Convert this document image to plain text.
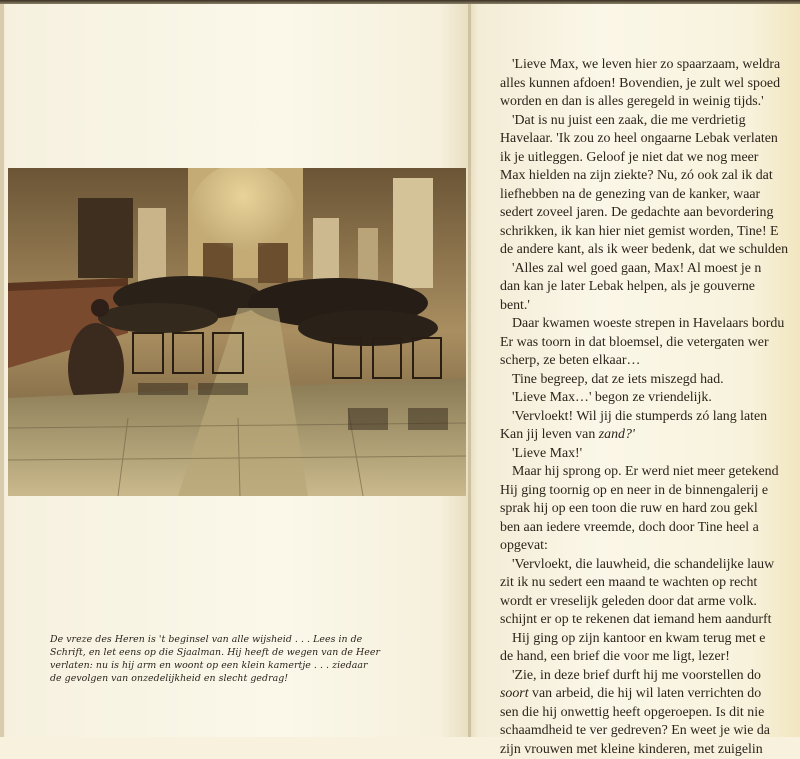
De vreze des Heren is 't beginsel van alle wijsheid . . . Lees in de

Schrift, en let eens op die Sjaalman. Hij heeft de wegen van de Heer

verlaten: nu is hij arm en woont op een klein kamertje . . . ziedaar

de gevolgen van onzedelijkheid en slecht gedrag!

'Lieve Max, we leven hier zo spaarzaam, weldra
alles kunnen afdoen! Bovendien, je zult wel spoed
worden en dan is alles geregeld in weinig tijds.'
'Dat is nu juist een zaak, die me verdrietig
Havelaar. 'Ik zou zo heel ongaarne Lebak verlaten
ik je uitleggen. Geloof je niet dat we nog meer
Max hielden na zijn ziekte? Nu, zó ook zal ik dat
liefhebben na de genezing van de kanker, waar
sedert zoveel jaren. De gedachte aan bevordering
schrikken, ik kan hier niet gemist worden, Tine! E
de andere kant, als ik weer bedenk, dat we schulden
'Alles zal wel goed gaan, Max! Al moest je n
dan kan je later Lebak helpen, als je gouverne
bent.'
Daar kwamen woeste strepen in Havelaars bordu
Er was toorn in dat bloemsel, die vetergaten wer
scherp, ze beten elkaar…
Tine begreep, dat ze iets miszegd had.
'Lieve Max…' begon ze vriendelijk.
'Vervloekt! Wil jij die stumperds zó lang laten
Kan jij leven van zand?'
'Lieve Max!'
Maar hij sprong op. Er werd niet meer getekend
Hij ging toornig op en neer in de binnengalerij e
sprak hij op een toon die ruw en hard zou gekl
ben aan iedere vreemde, doch door Tine heel a
opgevat:
'Vervloekt, die lauwheid, die schandelijke lauw
zit ik nu sedert een maand te wachten op recht
wordt er vreselijk geleden door dat arme volk.
schijnt er op te rekenen dat iemand hem aandurft
Hij ging op zijn kantoor en kwam terug met e
de hand, een brief die voor me ligt, lezer!
'Zie, in deze brief durft hij me voorstellen do
soort van arbeid, die hij wil laten verrichten do
sen die hij onwettig heeft opgeroepen. Is dit nie
schaamdheid te ver gedreven? En weet je wie da
zijn vrouwen met kleine kinderen, met zuigelin
